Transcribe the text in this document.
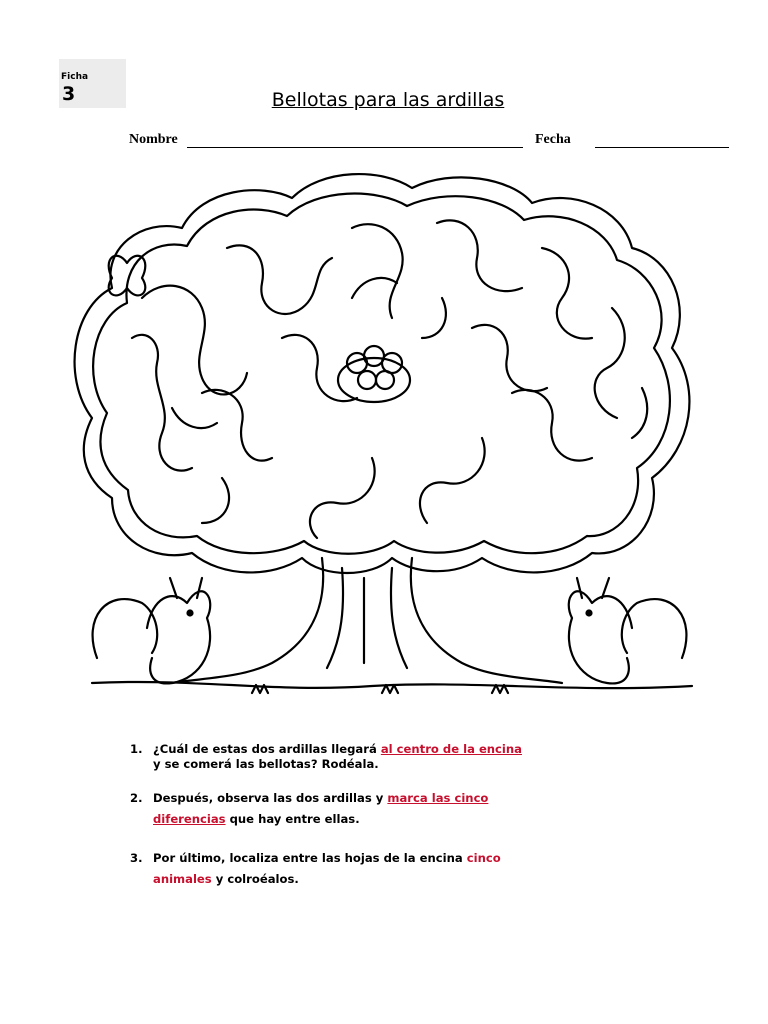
Ficha
3	Bellotas para las ardillas
Nombre	Fecha
1. ¿Cuál de estas dos ardillas llegará al centro de la encina
y se comerá las bellotas? Rodéala.
2. Después, observa las dos ardillas y marca las cinco
diferencias que hay entre ellas.
3. Por último, localiza entre las hojas de la encina cinco
animales y colroéalos.
